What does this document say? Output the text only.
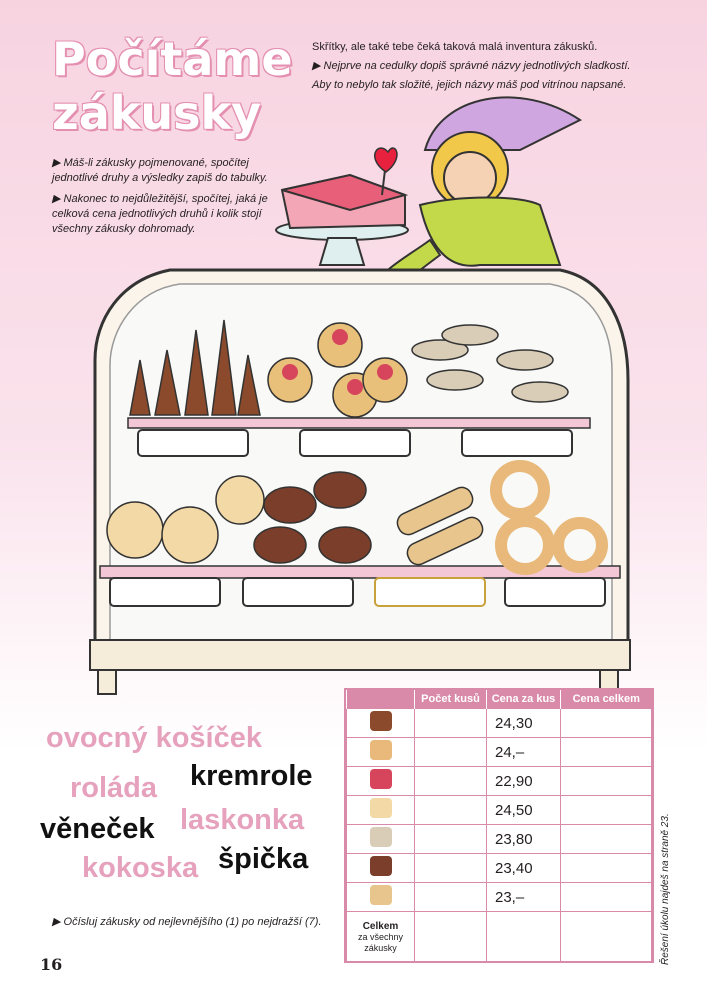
Počítáme
zákusky

Skřítky, ale také tebe čeká taková malá inventura zákusků.

▶ Nejprve na cedulky dopiš správné názvy jednotlivých sladkostí.

Aby to nebylo tak složité, jejich názvy máš pod vitrínou napsané.

▶ Máš-li zákusky pojmenované, spočítej jednotlivé druhy a výsledky zapiš do tabulky.

▶ Nakonec to nejdůležitější, spočítej, jaká je celková cena jednotlivých druhů i kolik stojí všechny zákusky dohromady.

ovocný košíček
roláda kremrole
věneček laskonka
kokoska špička
▶ Očísluj zákusky od nejlevnějšího (1) po nejdražší (7).
16	Řešení úkolu najdeš na straně 23.
	Počet kusů	Cena za kus	Cena celkem
		24,30	
		24,–	
		22,90	
		24,50	
		23,80	
		23,40	
		23,–	
Celkem
za všechny zákusky			
